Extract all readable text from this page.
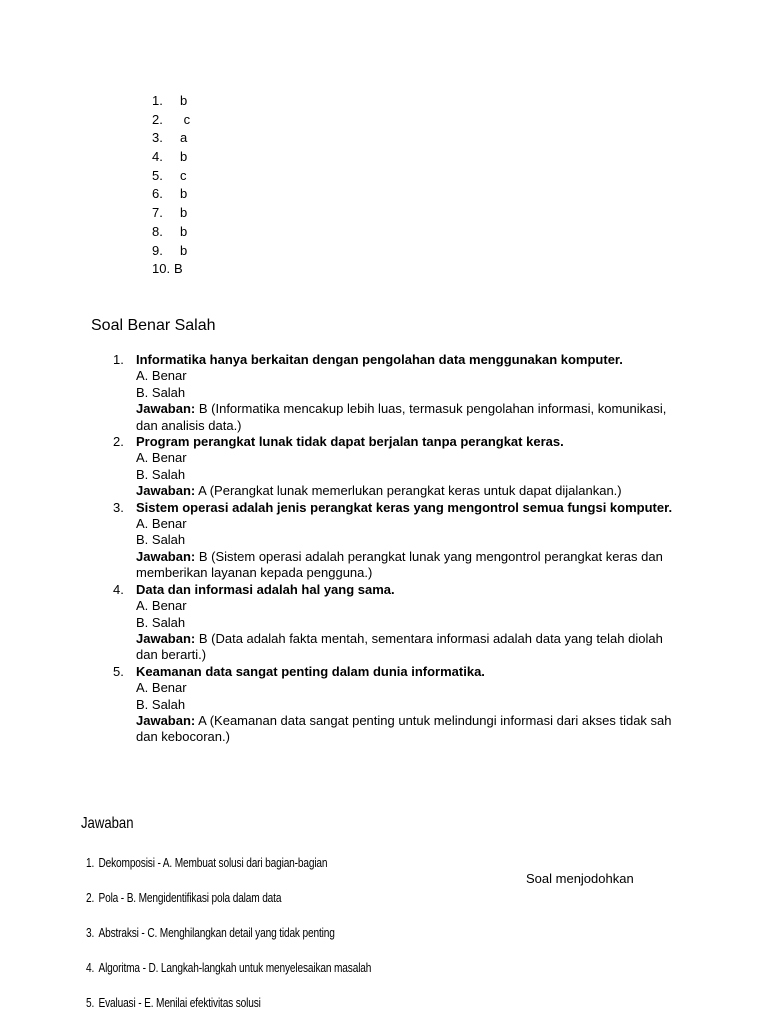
1.	b
2.	c
3.	a
4.	b
5.	c
6.	b
7.	b
8.	b
9.	b
10. B
Soal Benar Salah
1. Informatika hanya berkaitan dengan pengolahan data menggunakan komputer.
A. Benar
B. Salah
Jawaban: B (Informatika mencakup lebih luas, termasuk pengolahan informasi, komunikasi, dan analisis data.)
2. Program perangkat lunak tidak dapat berjalan tanpa perangkat keras.
A. Benar
B. Salah
Jawaban: A (Perangkat lunak memerlukan perangkat keras untuk dapat dijalankan.)
3. Sistem operasi adalah jenis perangkat keras yang mengontrol semua fungsi komputer.
A. Benar
B. Salah
Jawaban: B (Sistem operasi adalah perangkat lunak yang mengontrol perangkat keras dan memberikan layanan kepada pengguna.)
4. Data dan informasi adalah hal yang sama.
A. Benar
B. Salah
Jawaban: B (Data adalah fakta mentah, sementara informasi adalah data yang telah diolah dan berarti.)
5. Keamanan data sangat penting dalam dunia informatika.
A. Benar
B. Salah
Jawaban: A (Keamanan data sangat penting untuk melindungi informasi dari akses tidak sah dan kebocoran.)
Jawaban
1. Dekomposisi - A. Membuat solusi dari bagian-bagian
2. Pola - B. Mengidentifikasi pola dalam data
3. Abstraksi - C. Menghilangkan detail yang tidak penting
4. Algoritma - D. Langkah-langkah untuk menyelesaikan masalah
5. Evaluasi - E. Menilai efektivitas solusi
Soal menjodohkan
